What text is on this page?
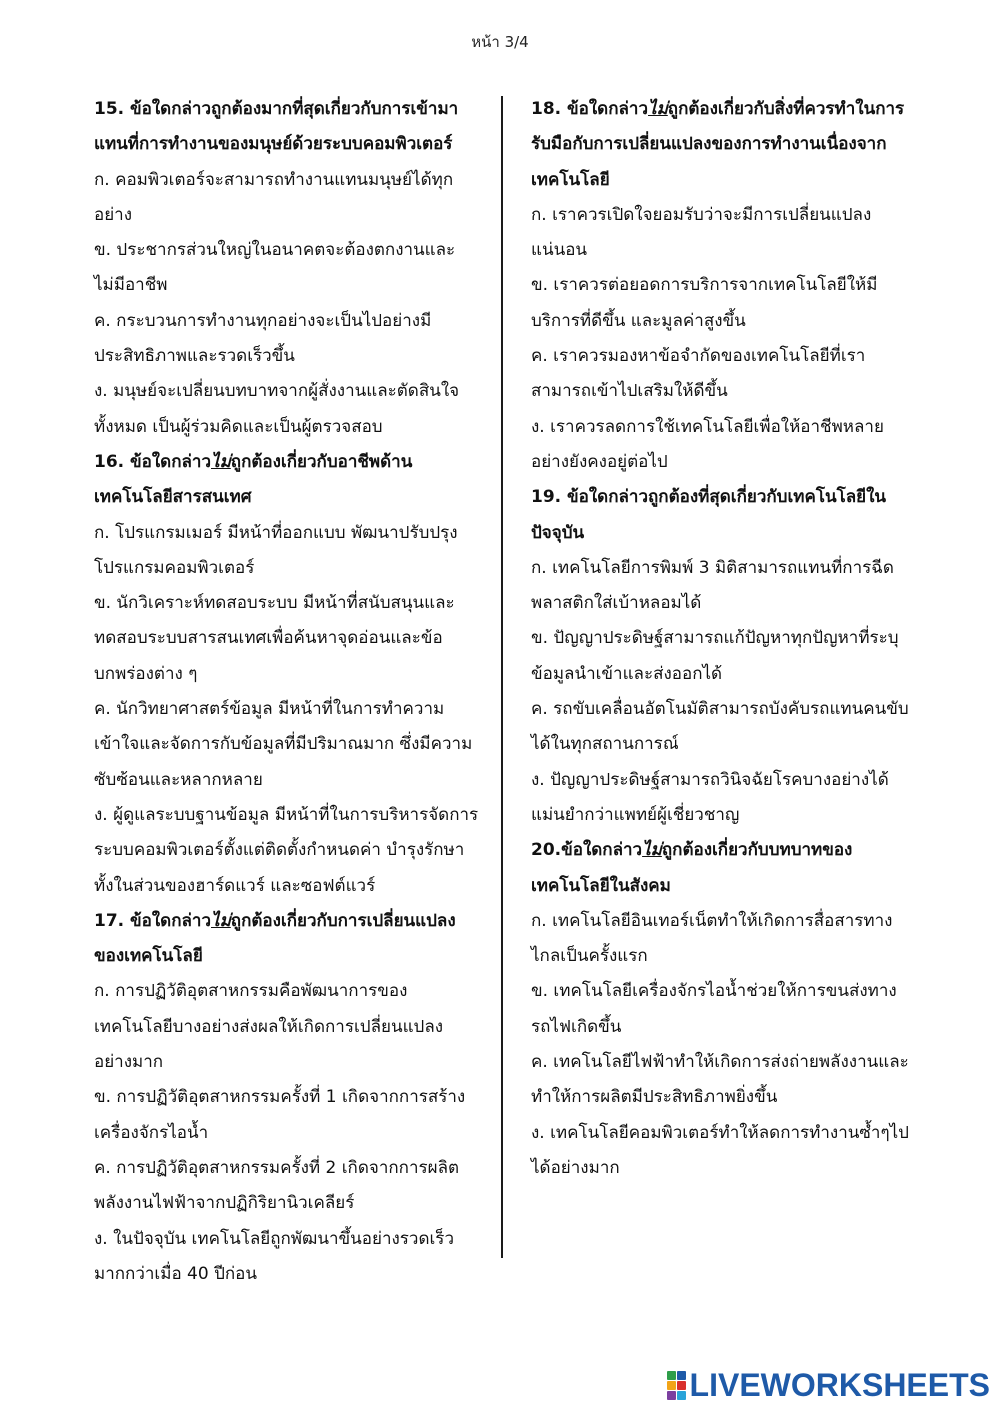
หน้า 3/4

15. ข้อใดกล่าวถูกต้องมากที่สุดเกี่ยวกับการเข้ามาแทนที่การทำงานของมนุษย์ด้วยระบบคอมพิวเตอร์

ก. คอมพิวเตอร์จะสามารถทำงานแทนมนุษย์ได้ทุกอย่าง

ข. ประชากรส่วนใหญ่ในอนาคตจะต้องตกงานและไม่มีอาชีพ

ค. กระบวนการทำงานทุกอย่างจะเป็นไปอย่างมีประสิทธิภาพและรวดเร็วขึ้น

ง. มนุษย์จะเปลี่ยนบทบาทจากผู้สั่งงานและตัดสินใจทั้งหมด เป็นผู้ร่วมคิดและเป็นผู้ตรวจสอบ

16. ข้อใดกล่าวไม่ถูกต้องเกี่ยวกับอาชีพด้านเทคโนโลยีสารสนเทศ

ก. โปรแกรมเมอร์ มีหน้าที่ออกแบบ พัฒนาปรับปรุงโปรแกรมคอมพิวเตอร์

ข. นักวิเคราะห์ทดสอบระบบ มีหน้าที่สนับสนุนและทดสอบระบบสารสนเทศเพื่อค้นหาจุดอ่อนและข้อบกพร่องต่าง ๆ

ค. นักวิทยาศาสตร์ข้อมูล มีหน้าที่ในการทำความเข้าใจและจัดการกับข้อมูลที่มีปริมาณมาก ซึ่งมีความซับซ้อนและหลากหลาย

ง. ผู้ดูแลระบบฐานข้อมูล มีหน้าที่ในการบริหารจัดการระบบคอมพิวเตอร์ตั้งแต่ติดตั้งกำหนดค่า บำรุงรักษาทั้งในส่วนของฮาร์ดแวร์ และซอฟต์แวร์

17. ข้อใดกล่าวไม่ถูกต้องเกี่ยวกับการเปลี่ยนแปลงของเทคโนโลยี

ก. การปฏิวัติอุตสาหกรรมคือพัฒนาการของเทคโนโลยีบางอย่างส่งผลให้เกิดการเปลี่ยนแปลงอย่างมาก

ข. การปฏิวัติอุตสาหกรรมครั้งที่ 1 เกิดจากการสร้างเครื่องจักรไอน้ำ

ค. การปฏิวัติอุตสาหกรรมครั้งที่ 2 เกิดจากการผลิตพลังงานไฟฟ้าจากปฏิกิริยานิวเคลียร์

ง. ในปัจจุบัน เทคโนโลยีถูกพัฒนาขึ้นอย่างรวดเร็วมากกว่าเมื่อ 40 ปีก่อน

18. ข้อใดกล่าวไม่ถูกต้องเกี่ยวกับสิ่งที่ควรทำในการรับมือกับการเปลี่ยนแปลงของการทำงานเนื่องจากเทคโนโลยี

ก. เราควรเปิดใจยอมรับว่าจะมีการเปลี่ยนแปลงแน่นอน

ข. เราควรต่อยอดการบริการจากเทคโนโลยีให้มีบริการที่ดีขึ้น และมูลค่าสูงขึ้น

ค. เราควรมองหาข้อจำกัดของเทคโนโลยีที่เราสามารถเข้าไปเสริมให้ดีขึ้น

ง. เราควรลดการใช้เทคโนโลยีเพื่อให้อาชีพหลายอย่างยังคงอยู่ต่อไป

19. ข้อใดกล่าวถูกต้องที่สุดเกี่ยวกับเทคโนโลยีในปัจจุบัน

ก. เทคโนโลยีการพิมพ์ 3 มิติสามารถแทนที่การฉีดพลาสติกใส่เบ้าหลอมได้

ข. ปัญญาประดิษฐ์สามารถแก้ปัญหาทุกปัญหาที่ระบุข้อมูลนำเข้าและส่งออกได้

ค. รถขับเคลื่อนอัตโนมัติสามารถบังคับรถแทนคนขับได้ในทุกสถานการณ์

ง. ปัญญาประดิษฐ์สามารถวินิจฉัยโรคบางอย่างได้แม่นยำกว่าแพทย์ผู้เชี่ยวชาญ

20.ข้อใดกล่าวไม่ถูกต้องเกี่ยวกับบทบาทของเทคโนโลยีในสังคม

ก. เทคโนโลยีอินเทอร์เน็ตทำให้เกิดการสื่อสารทางไกลเป็นครั้งแรก

ข. เทคโนโลยีเครื่องจักรไอน้ำช่วยให้การขนส่งทางรถไฟเกิดขึ้น

ค. เทคโนโลยีไฟฟ้าทำให้เกิดการส่งถ่ายพลังงานและทำให้การผลิตมีประสิทธิภาพยิ่งขึ้น

ง. เทคโนโลยีคอมพิวเตอร์ทำให้ลดการทำงานซ้ำๆไปได้อย่างมาก

LIVEWORKSHEETS
